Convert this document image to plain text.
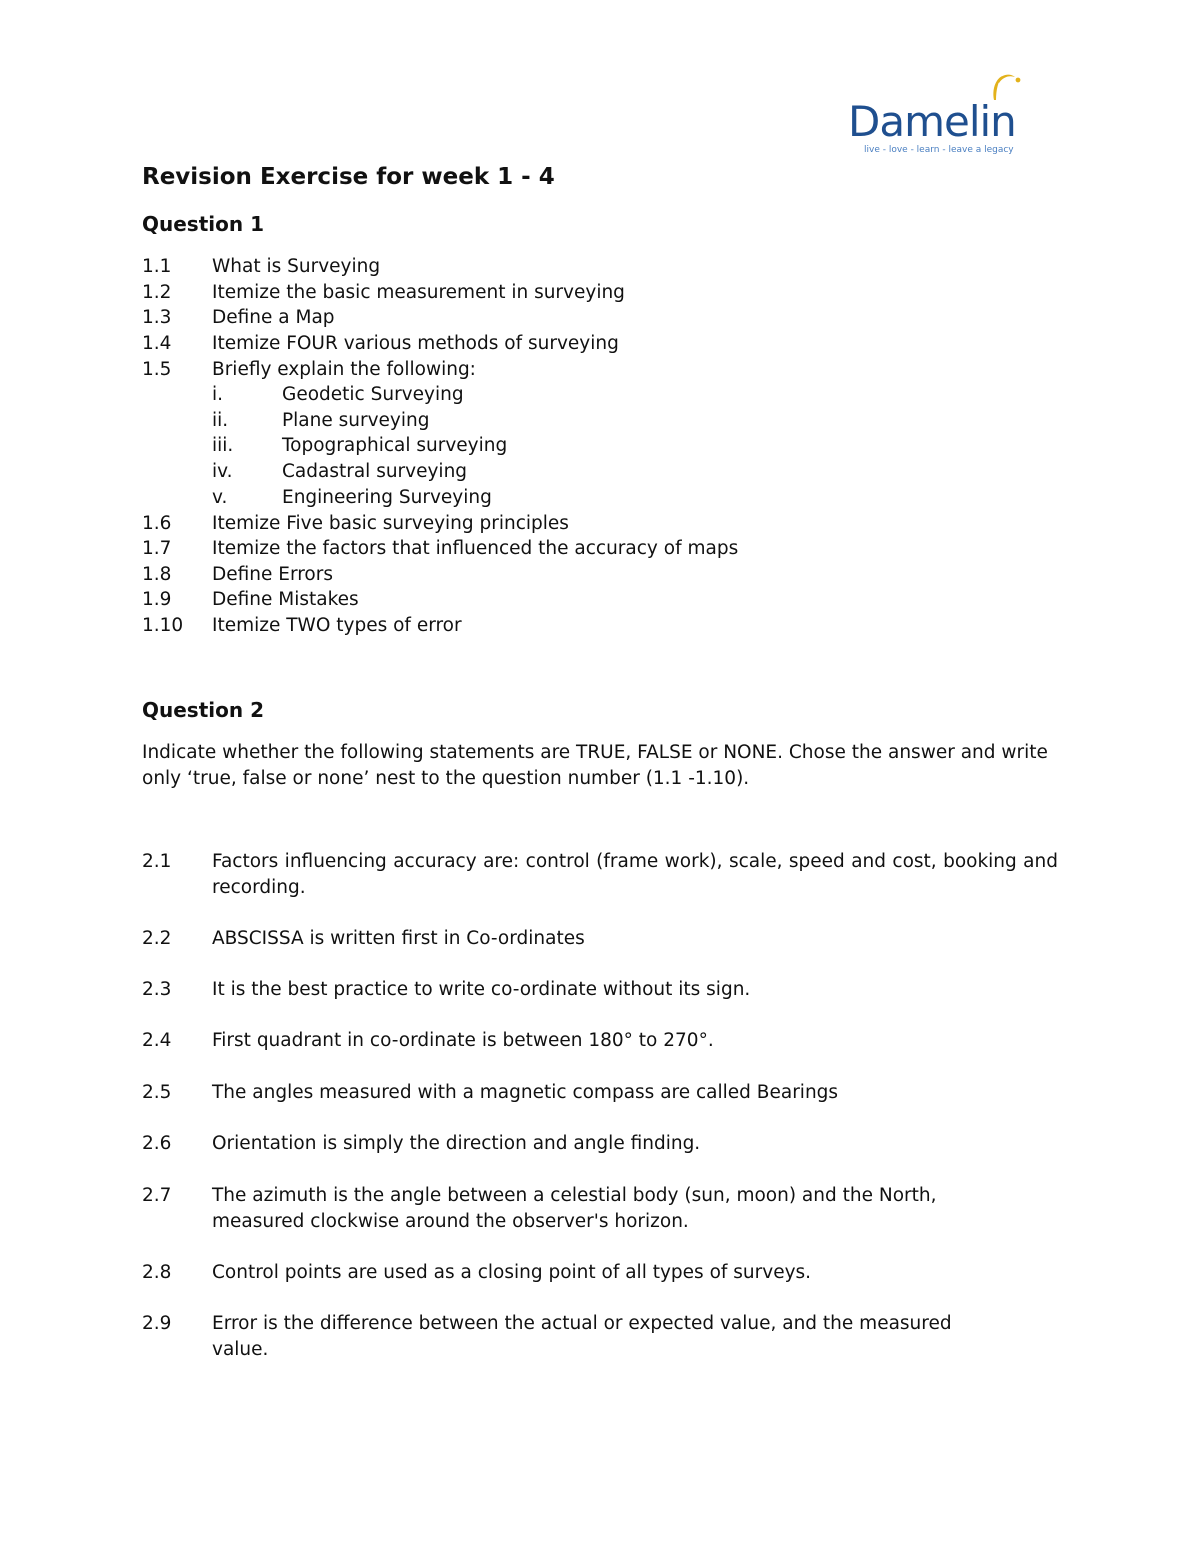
Damelin
live - love - learn - leave a legacy
Revision Exercise for week 1 - 4
Question 1
1.1 What is Surveying
1.2 Itemize the basic measurement in surveying
1.3 Define a Map
1.4 Itemize FOUR various methods of surveying
1.5 Briefly explain the following:
i.	Geodetic Surveying
ii.	Plane surveying
iii.	Topographical surveying
iv.	Cadastral surveying
v.	Engineering Surveying
1.6 Itemize Five basic surveying principles
1.7 Itemize the factors that influenced the accuracy of maps
1.8 Define Errors
1.9 Define Mistakes
1.10 Itemize TWO types of error
Question 2

Indicate whether the following statements are TRUE, FALSE or NONE. Chose the answer and write only ‘true, false or none’ nest to the question number (1.1 -1.10).

2.1 Factors influencing accuracy are: control (frame work), scale, speed and cost, booking and recording.
2.2 ABSCISSA is written first in Co-ordinates
2.3 It is the best practice to write co-ordinate without its sign.
2.4 First quadrant in co-ordinate is between 180° to 270°.
2.5 The angles measured with a magnetic compass are called Bearings
2.6 Orientation is simply the direction and angle finding.
2.7 The azimuth is the angle between a celestial body (sun, moon) and the North, measured clockwise around the observer's horizon.
2.8 Control points are used as a closing point of all types of surveys.
2.9 Error is the difference between the actual or expected value, and the measured value.
